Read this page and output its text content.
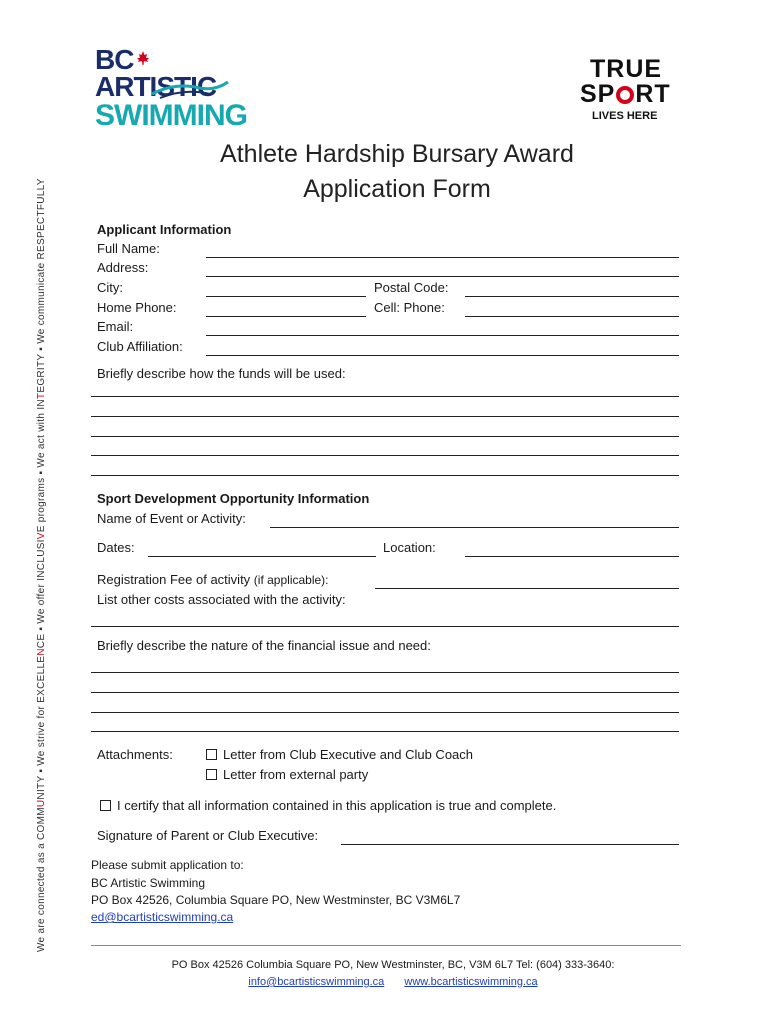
We are connected as a COMMUNITY ▪ We strive for EXCELLENCE ▪ We offer INCLUSIVE programs ▪ We act with INTEGRITY ▪ We communicate RESPECTFULLY
BC
ARTISTIC
SWIMMING
TRUE
SP RT
LIVES HERE
Athlete Hardship Bursary Award
Application Form
Applicant Information
Full Name:
Address:
City:	Postal Code:
Home Phone:	Cell: Phone:
Email:
Club Affiliation:
Briefly describe how the funds will be used:
Sport Development Opportunity Information
Name of Event or Activity:
Dates:	Location:
Registration Fee of activity (if applicable):
List other costs associated with the activity:
Briefly describe the nature of the financial issue and need:
Attachments:	Letter from Club Executive and Club Coach
Letter from external party
I certify that all information contained in this application is true and complete.
Signature of Parent or Club Executive:
Please submit application to:
BC Artistic Swimming
PO Box 42526, Columbia Square PO, New Westminster, BC V3M6L7
ed@bcartisticswimming.ca
PO Box 42526 Columbia Square PO, New Westminster, BC, V3M 6L7 Tel: (604) 333-3640:
info@bcartisticswimming.ca www.bcartisticswimming.ca
